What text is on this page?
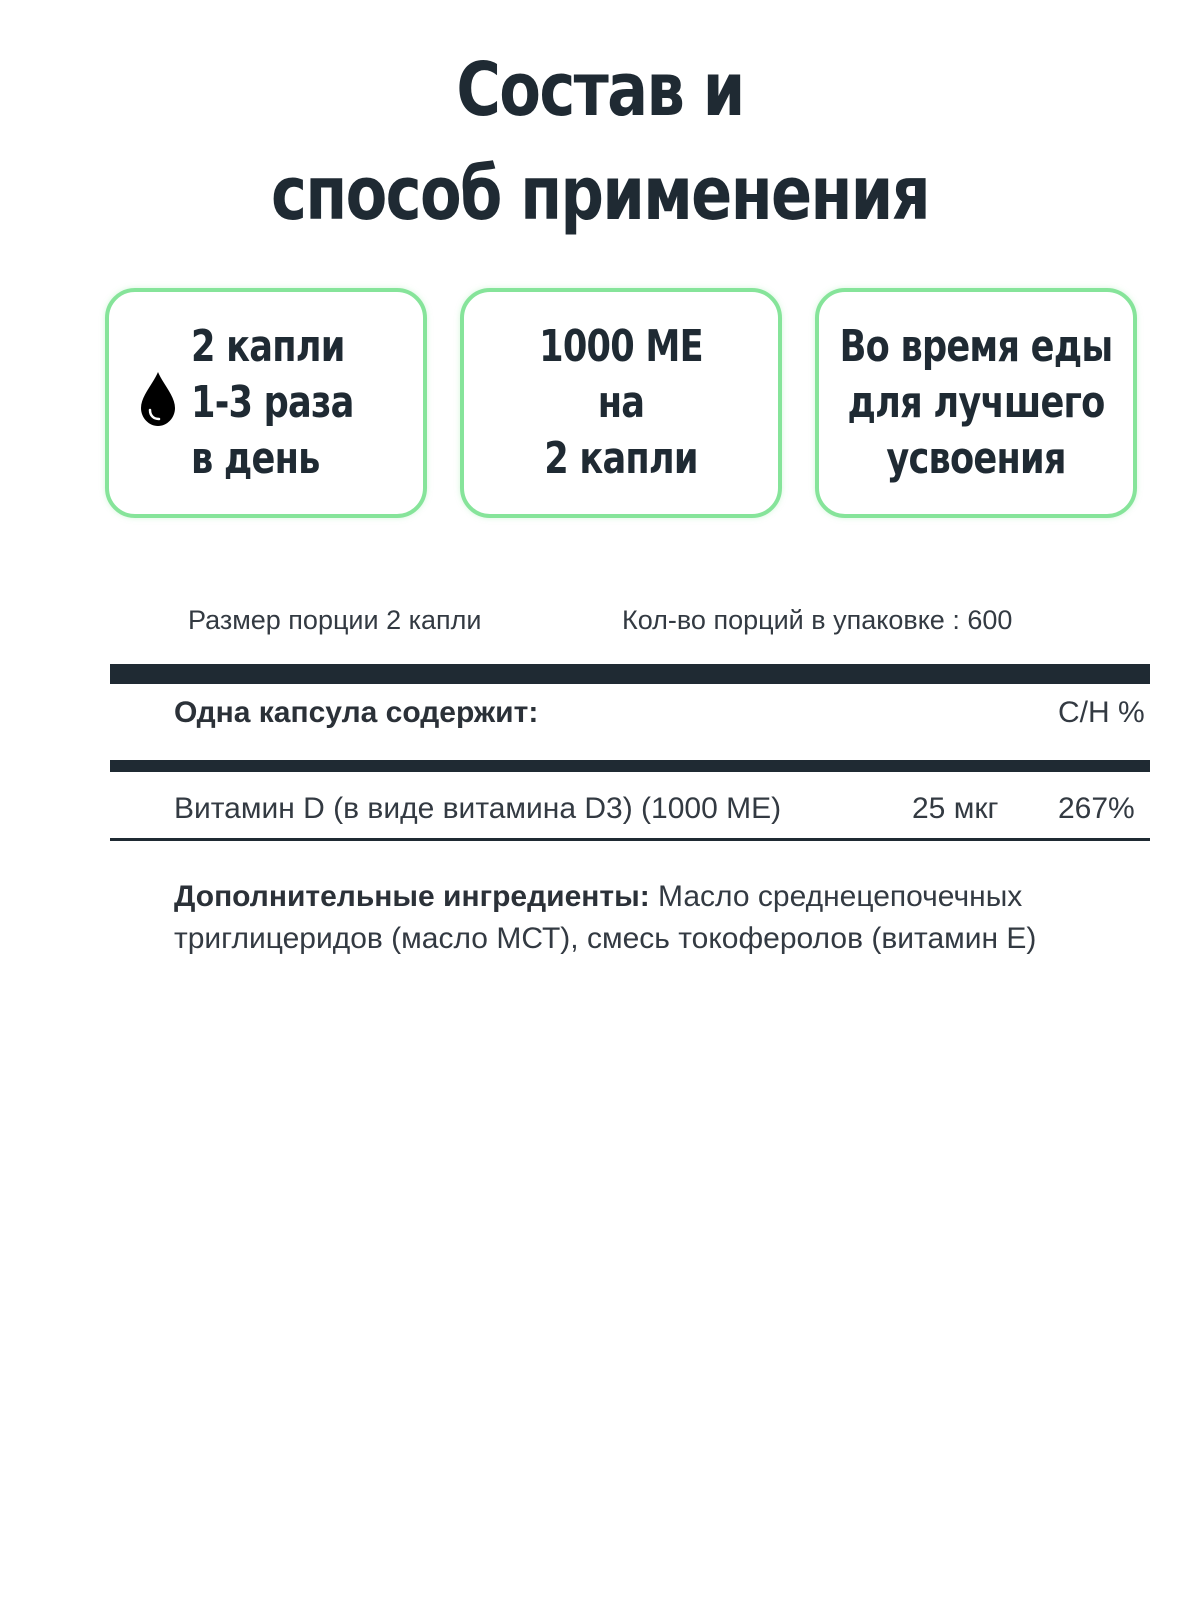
Состав и
способ применения
2 капли
1-3 раза
в день
1000 МЕ
на
2 капли
Во время еды
для лучшего
усвоения
Размер порции 2 капли	Кол-во порций в упаковке : 600
Одна капсула содержит:	С/Н %
Витамин D (в виде витамина D3) (1000 МЕ)	25 мкг 267%
Дополнительные ингредиенты: Масло среднецепочечных триглицеридов (масло МСТ), смесь токоферолов (витамин Е)
